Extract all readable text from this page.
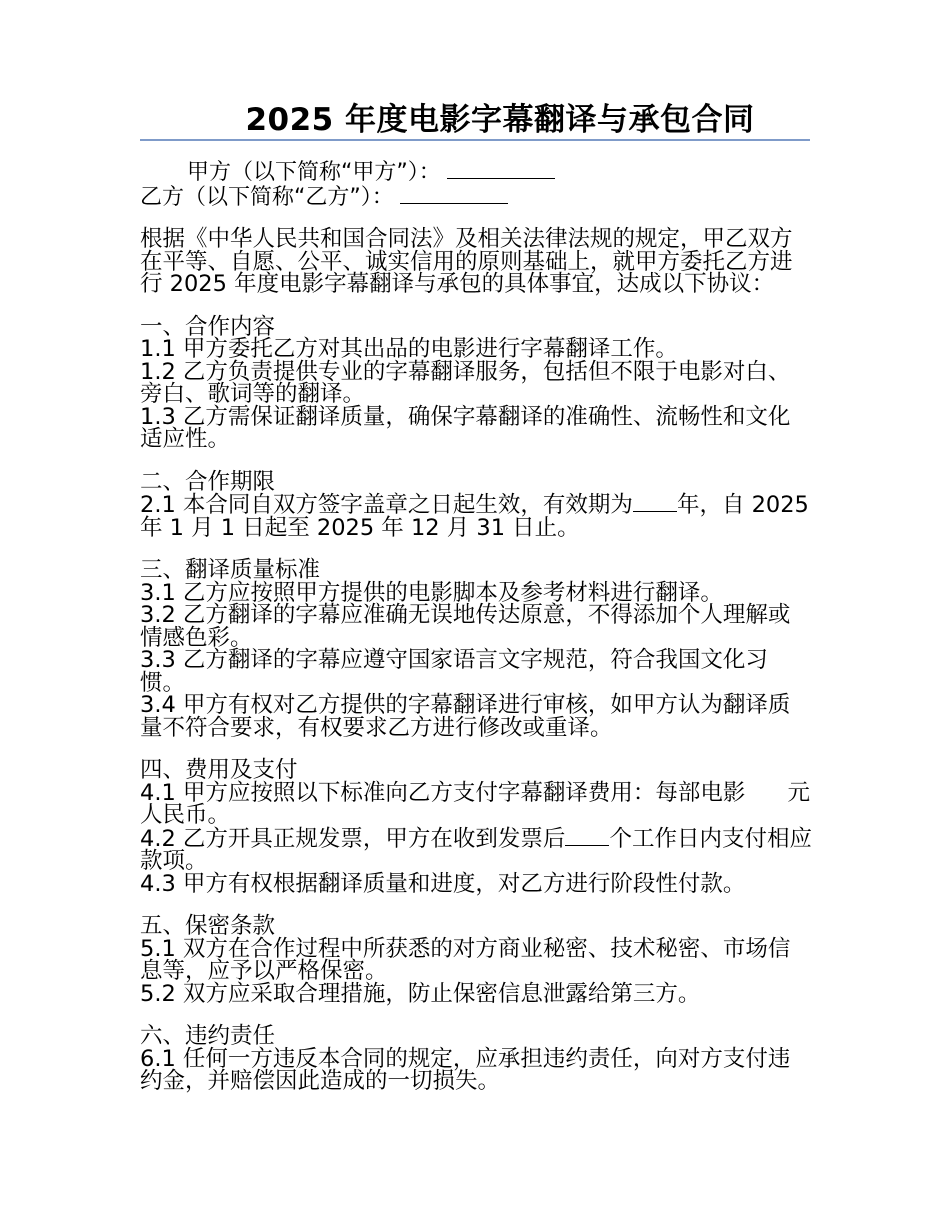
2025 年度电影字幕翻译与承包合同
甲方（以下简称“甲方”）：
乙方（以下简称“乙方”）：

根据《中华人民共和国合同法》及相关法律法规的规定，甲乙双方在平等、自愿、公平、诚实信用的原则基础上，就甲方委托乙方进行 2025 年度电影字幕翻译与承包的具体事宜，达成以下协议：

一、合作内容

1.1 甲方委托乙方对其出品的电影进行字幕翻译工作。

1.2 乙方负责提供专业的字幕翻译服务，包括但不限于电影对白、旁白、歌词等的翻译。

1.3 乙方需保证翻译质量，确保字幕翻译的准确性、流畅性和文化适应性。

二、合作期限

2.1 本合同自双方签字盖章之日起生效，有效期为 年，自 2025 年 1 月 1 日起至 2025 年 12 月 31 日止。

三、翻译质量标准

3.1 乙方应按照甲方提供的电影脚本及参考材料进行翻译。

3.2 乙方翻译的字幕应准确无误地传达原意，不得添加个人理解或情感色彩。

3.3 乙方翻译的字幕应遵守国家语言文字规范，符合我国文化习惯。

3.4 甲方有权对乙方提供的字幕翻译进行审核，如甲方认为翻译质量不符合要求，有权要求乙方进行修改或重译。

四、费用及支付

4.1 甲方应按照以下标准向乙方支付字幕翻译费用：每部电影 元人民币。

4.2 乙方开具正规发票，甲方在收到发票后 个工作日内支付相应款项。

4.3 甲方有权根据翻译质量和进度，对乙方进行阶段性付款。

五、保密条款

5.1 双方在合作过程中所获悉的对方商业秘密、技术秘密、市场信息等，应予以严格保密。

5.2 双方应采取合理措施，防止保密信息泄露给第三方。

六、违约责任

6.1 任何一方违反本合同的规定，应承担违约责任，向对方支付违约金，并赔偿因此造成的一切损失。
